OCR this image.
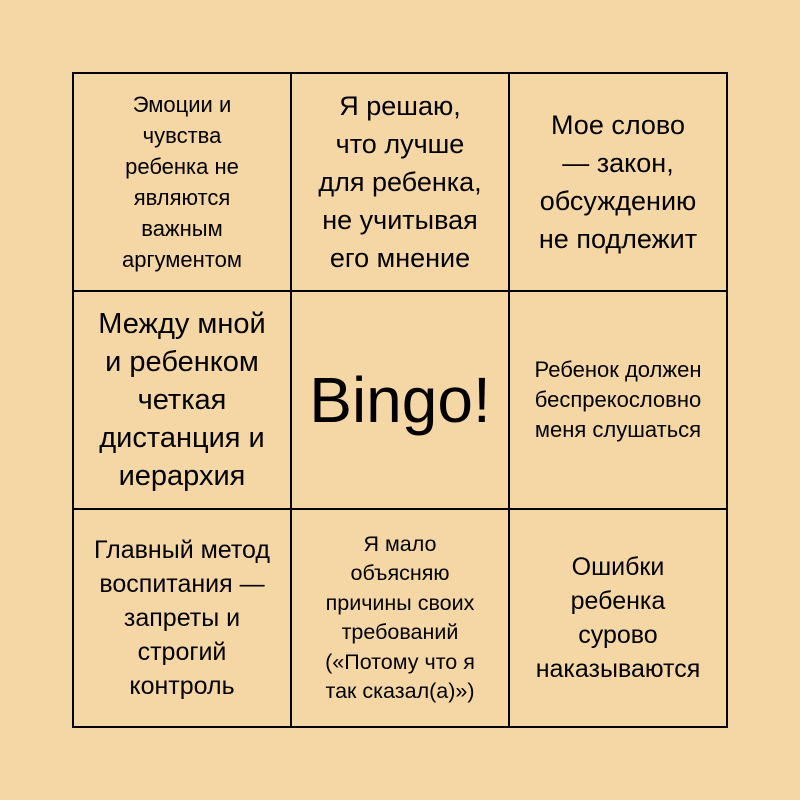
Эмоции и
чувства
ребенка не
являются
важным
аргументом
Я решаю,
что лучше
для ребенка,
не учитывая
его мнение
Мое слово
— закон,
обсуждению
не подлежит
Между мной
и ребенком
четкая
дистанция и
иерархия
Bingo!	Ребенок должен
беспрекословно
меня слушаться
Главный метод
воспитания —
запреты и
строгий
контроль
Я мало
объясняю
причины своих
требований
(«Потому что я
так сказал(а)»)
Ошибки
ребенка
сурово
наказываются
